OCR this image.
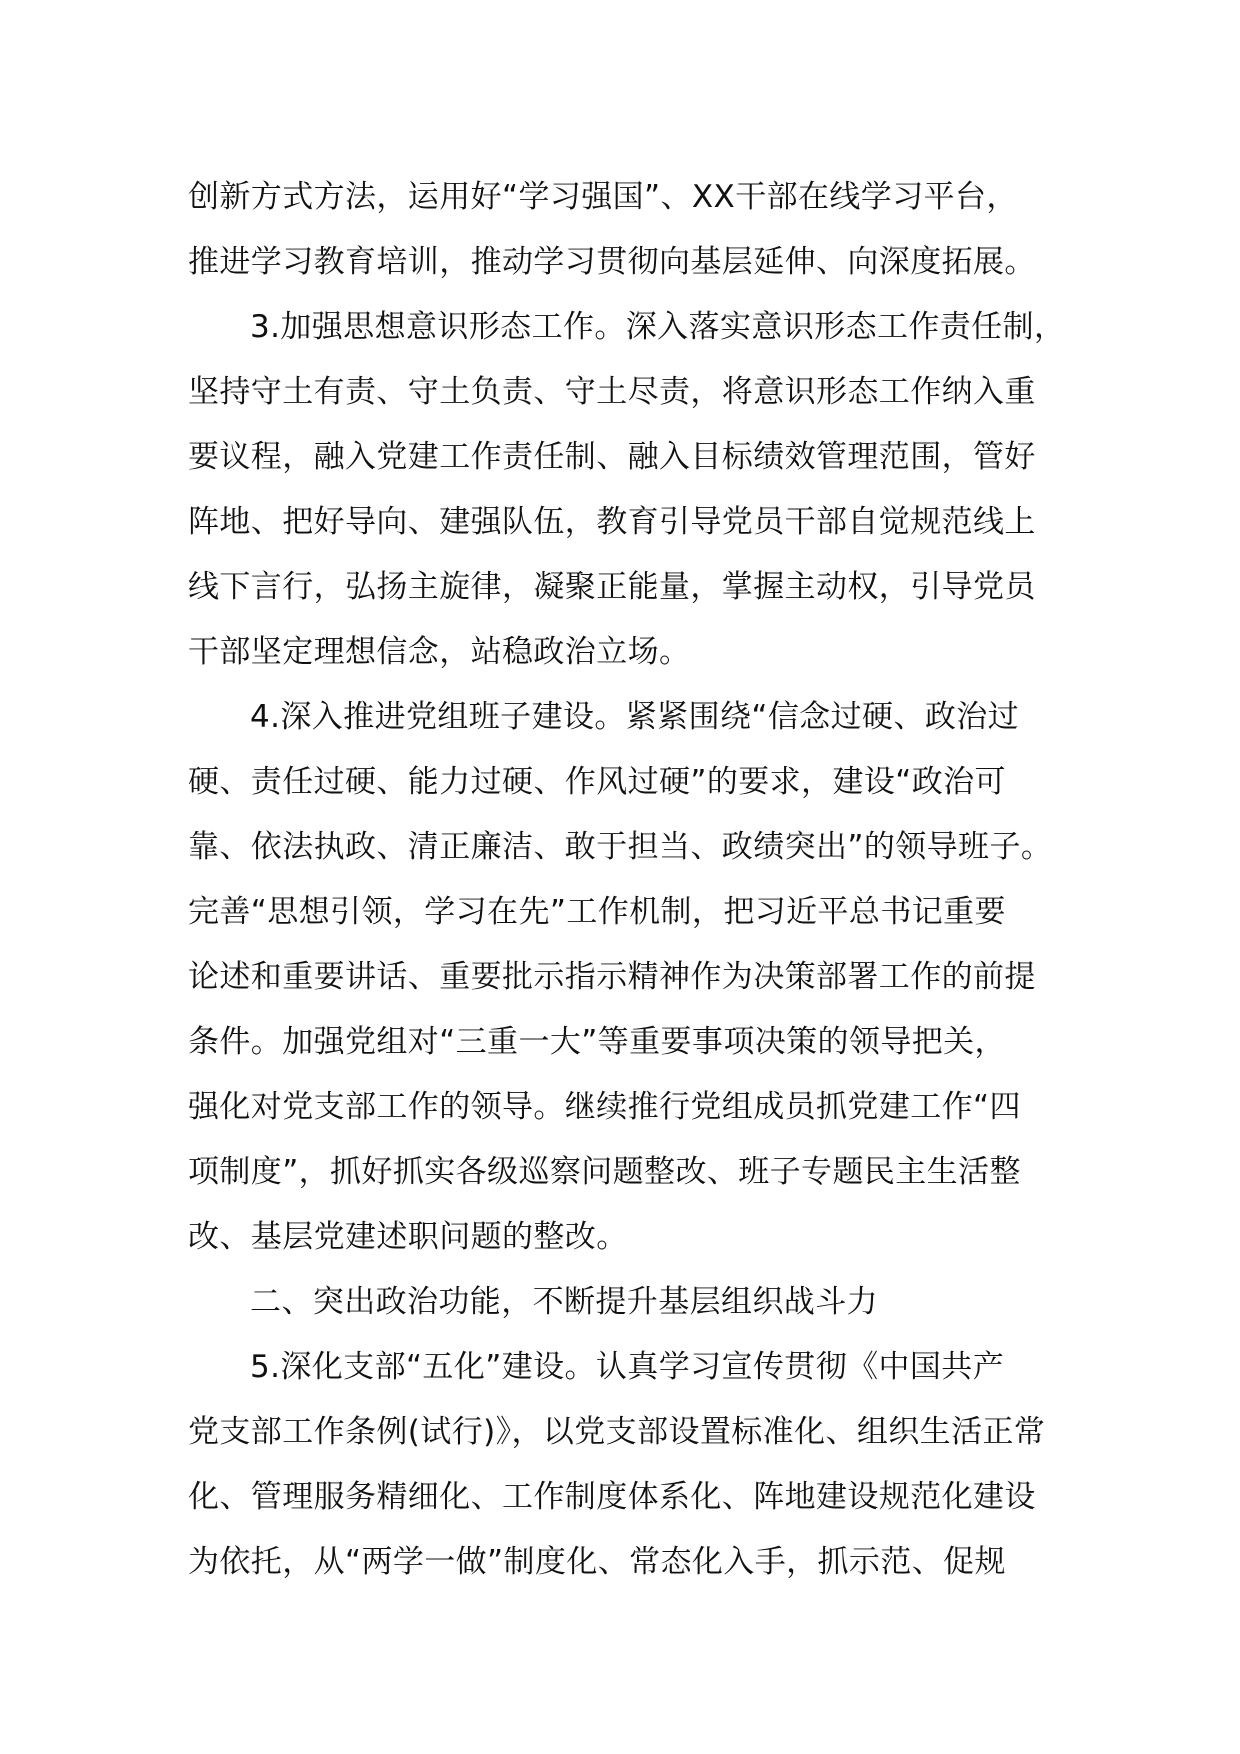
创新方式方法，运用好“学习强国”、XX干部在线学习平台，
推进学习教育培训，推动学习贯彻向基层延伸、向深度拓展。
3.加强思想意识形态工作。深入落实意识形态工作责任制，
坚持守土有责、守土负责、守土尽责，将意识形态工作纳入重
要议程，融入党建工作责任制、融入目标绩效管理范围，管好
阵地、把好导向、建强队伍，教育引导党员干部自觉规范线上
线下言行，弘扬主旋律，凝聚正能量，掌握主动权，引导党员
干部坚定理想信念，站稳政治立场。
4.深入推进党组班子建设。紧紧围绕“信念过硬、政治过
硬、责任过硬、能力过硬、作风过硬”的要求，建设“政治可
靠、依法执政、清正廉洁、敢于担当、政绩突出”的领导班子。
完善“思想引领，学习在先”工作机制，把习近平总书记重要
论述和重要讲话、重要批示指示精神作为决策部署工作的前提
条件。加强党组对“三重一大”等重要事项决策的领导把关，
强化对党支部工作的领导。继续推行党组成员抓党建工作“四
项制度”，抓好抓实各级巡察问题整改、班子专题民主生活整
改、基层党建述职问题的整改。
二、突出政治功能，不断提升基层组织战斗力
5.深化支部“五化”建设。认真学习宣传贯彻《中国共产
党支部工作条例(试行)》，以党支部设置标准化、组织生活正常
化、管理服务精细化、工作制度体系化、阵地建设规范化建设
为依托，从“两学一做”制度化、常态化入手，抓示范、促规
